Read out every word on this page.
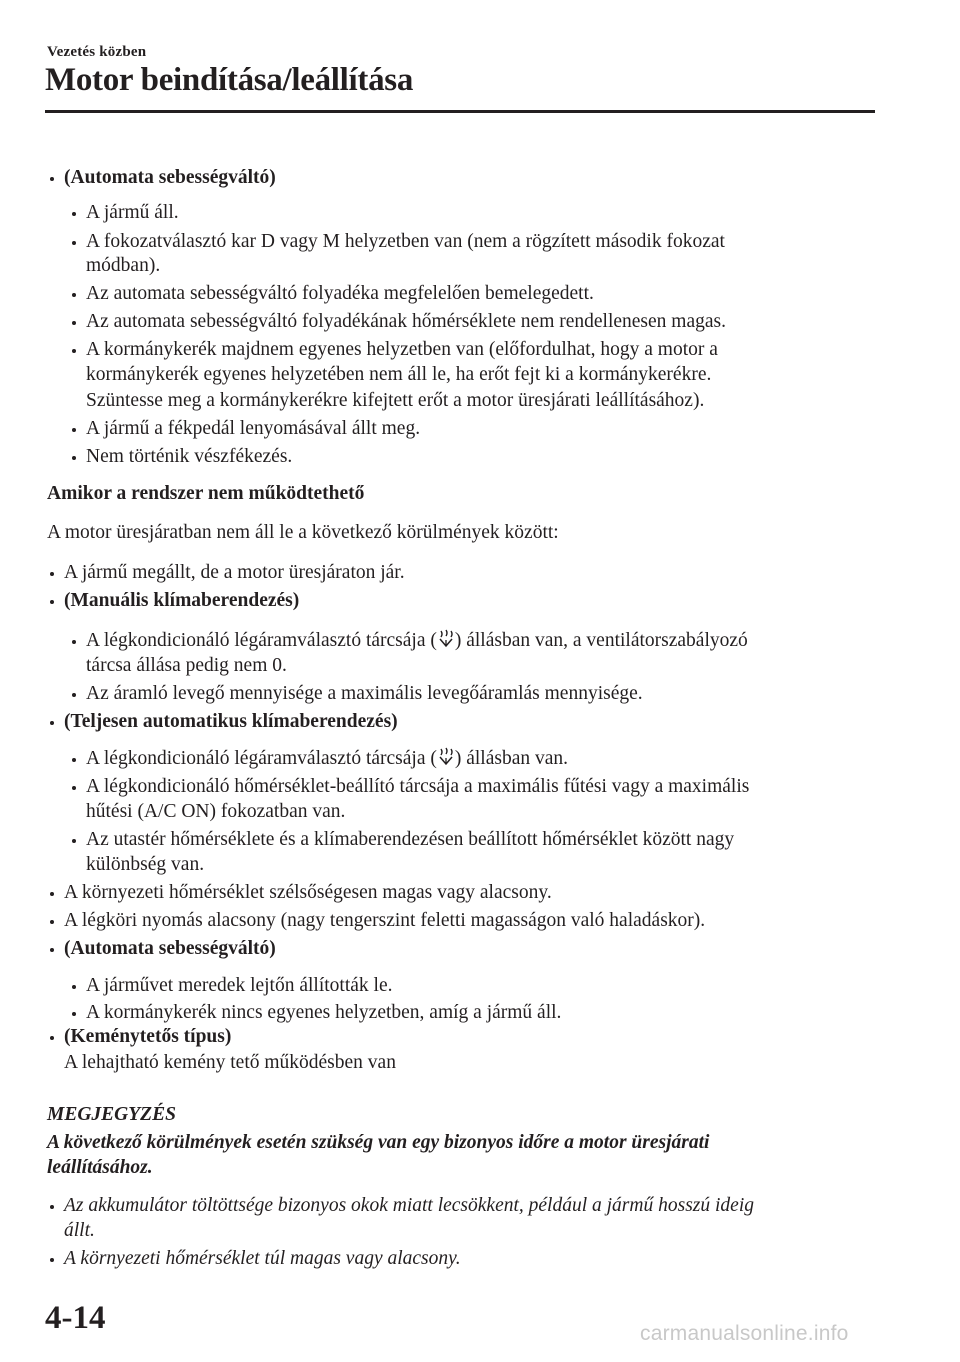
Vezetés közben
Motor beindítása/leállítása
(Automata sebességváltó)
A jármű áll.
A fokozatválasztó kar D vagy M helyzetben van (nem a rögzített második fokozat
módban).
Az automata sebességváltó folyadéka megfelelően bemelegedett.
Az automata sebességváltó folyadékának hőmérséklete nem rendellenesen magas.
A kormánykerék majdnem egyenes helyzetben van (előfordulhat, hogy a motor a
kormánykerék egyenes helyzetében nem áll le, ha erőt fejt ki a kormánykerékre.
Szüntesse meg a kormánykerékre kifejtett erőt a motor üresjárati leállításához).
A jármű a fékpedál lenyomásával állt meg.
Nem történik vészfékezés.
Amikor a rendszer nem működtethető
A motor üresjáratban nem áll le a következő körülmények között:
A jármű megállt, de a motor üresjáraton jár.
(Manuális klímaberendezés)
A légkondicionáló légáramválasztó tárcsája ( ) állásban van, a ventilátorszabályozó
tárcsa állása pedig nem 0.
Az áramló levegő mennyisége a maximális levegőáramlás mennyisége.
(Teljesen automatikus klímaberendezés)
A légkondicionáló légáramválasztó tárcsája ( ) állásban van.
A légkondicionáló hőmérséklet-beállító tárcsája a maximális fűtési vagy a maximális
hűtési (A/C ON) fokozatban van.
Az utastér hőmérséklete és a klímaberendezésen beállított hőmérséklet között nagy
különbség van.
A környezeti hőmérséklet szélsőségesen magas vagy alacsony.
A légköri nyomás alacsony (nagy tengerszint feletti magasságon való haladáskor).
(Automata sebességváltó)
A járművet meredek lejtőn állították le.
A kormánykerék nincs egyenes helyzetben, amíg a jármű áll.
(Keménytetős típus)
A lehajtható kemény tető működésben van
MEGJEGYZÉS
A következő körülmények esetén szükség van egy bizonyos időre a motor üresjárati
leállításához.
Az akkumulátor töltöttsége bizonyos okok miatt lecsökkent, például a jármű hosszú ideig
állt.
A környezeti hőmérséklet túl magas vagy alacsony.
4-14	carmanualsonline.info
